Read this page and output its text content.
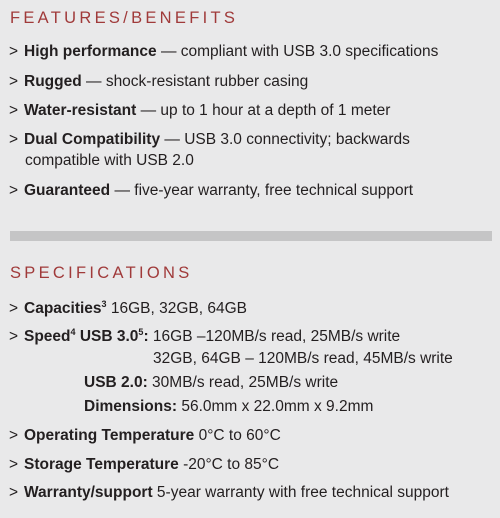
FEATURES/BENEFITS
> High performance — compliant with USB 3.0 specifications
> Rugged — shock-resistant rubber casing
> Water-resistant — up to 1 hour at a depth of 1 meter
> Dual Compatibility — USB 3.0 connectivity; backwards
compatible with USB 2.0
> Guaranteed — five-year warranty, free technical support
SPECIFICATIONS
> Capacities$^3$ 16GB, 32GB, 64GB
> Speed$^4$ USB $3.0^5$: 16GB –120MB/s read, 25MB/s write
32GB, 64GB – 120MB/s read, 45MB/s write
USB 2.0: 30MB/s read, 25MB/s write
Dimensions: 56.0mm x 22.0mm x 9.2mm
> Operating Temperature 0°C to 60°C
> Storage Temperature -20°C to 85°C
> Warranty/support 5-year warranty with free technical support
